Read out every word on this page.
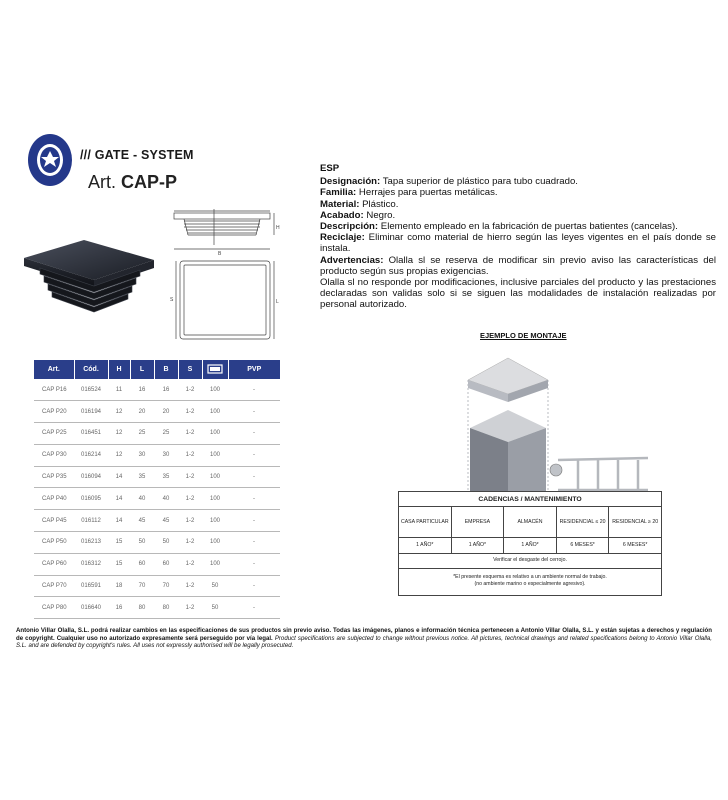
/// GATE - SYSTEM
Art. CAP-P
H
B
L
S
ESP

Designación: Tapa superior de plástico para tubo cuadrado.

Familia: Herrajes para puertas metálicas.

Material: Plástico.

Acabado: Negro.

Descripción: Elemento empleado en la fabricación de puertas batientes (cancelas).

Reciclaje: Eliminar como material de hierro según las leyes vigentes en el país donde se instala.

Advertencias: Olalla sl se reserva de modificar sin previo aviso las características del producto según sus propias exigencias.

Olalla sl no responde por modificaciones, inclusive parciales del producto y las prestaciones declaradas son validas solo si se siguen las modalidades de instalación realizadas por personal autorizado.

Art.	Cód.	H	L	B	S		PVP
CAP P16	016524	11	16	16	1-2	100	-
CAP P20	016194	12	20	20	1-2	100	-
CAP P25	016451	12	25	25	1-2	100	-
CAP P30	016214	12	30	30	1-2	100	-
CAP P35	016094	14	35	35	1-2	100	-
CAP P40	016095	14	40	40	1-2	100	-
CAP P45	016112	14	45	45	1-2	100	-
CAP P50	016213	15	50	50	1-2	100	-
CAP P60	016312	15	60	60	1-2	100	-
CAP P70	016591	18	70	70	1-2	50	-
CAP P80	016640	16	80	80	1-2	50	-
EJEMPLO DE MONTAJE
CADENCIAS / MANTENIMIENTO
CASA PARTICULAR	EMPRESA	ALMACÉN	RESIDENCIAL ≤ 20	RESIDENCIAL ≥ 20
1 AÑO*	1 AÑO*	1 AÑO*	6 MESES*	6 MESES*
Verificar el desgaste del cerrojo.
*El presente esquema es relativo a un ambiente normal de trabajo.
(no ambiente marino o especialmente agresivo).
Antonio Villar Olalla, S.L. podrá realizar cambios en las especificaciones de sus productos sin previo aviso. Todas las imágenes, planos e información técnica pertenecen a Antonio Villar Olalla, S.L. y están sujetas a derechos y regulación de copyright. Cualquier uso no autorizado expresamente será perseguido por vía legal. Product specifications are subjected to change without previous notice. All pictures, technical drawings and related specifications belong to Antonio Villar Olalla, S.L. and are defended by copyright's rules. All uses not expressly authorised will be legally prosecuted.
